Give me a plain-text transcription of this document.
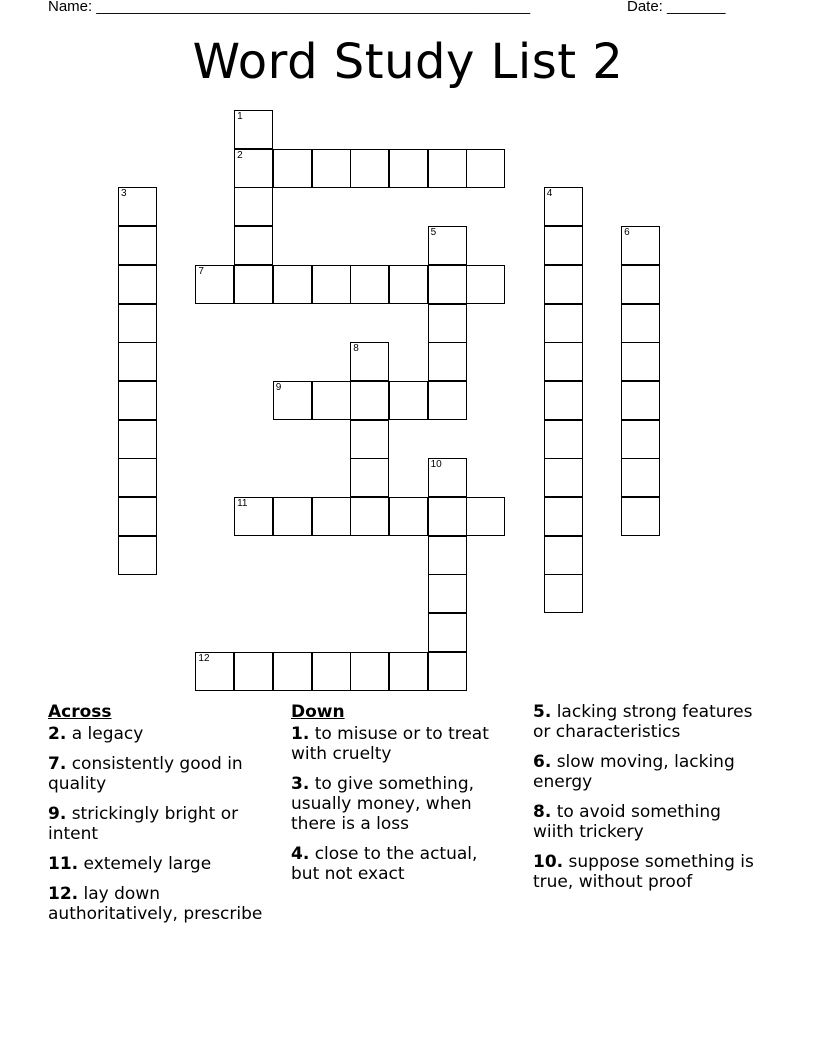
Name: ____________________________________________________	Date: _______
Word Study List 2
1
2
3	4
5	6
7
8
9
10
11
12
Across
2. a legacy
7. consistently good in quality
9. strickingly bright or intent
11. extemely large
12. lay down authoritatively, prescribe
Down
1. to misuse or to treat with cruelty
3. to give something, usually money, when there is a loss
4. close to the actual, but not exact
5. lacking strong features or characteristics
6. slow moving, lacking energy
8. to avoid something wiith trickery
10. suppose something is true, without proof
